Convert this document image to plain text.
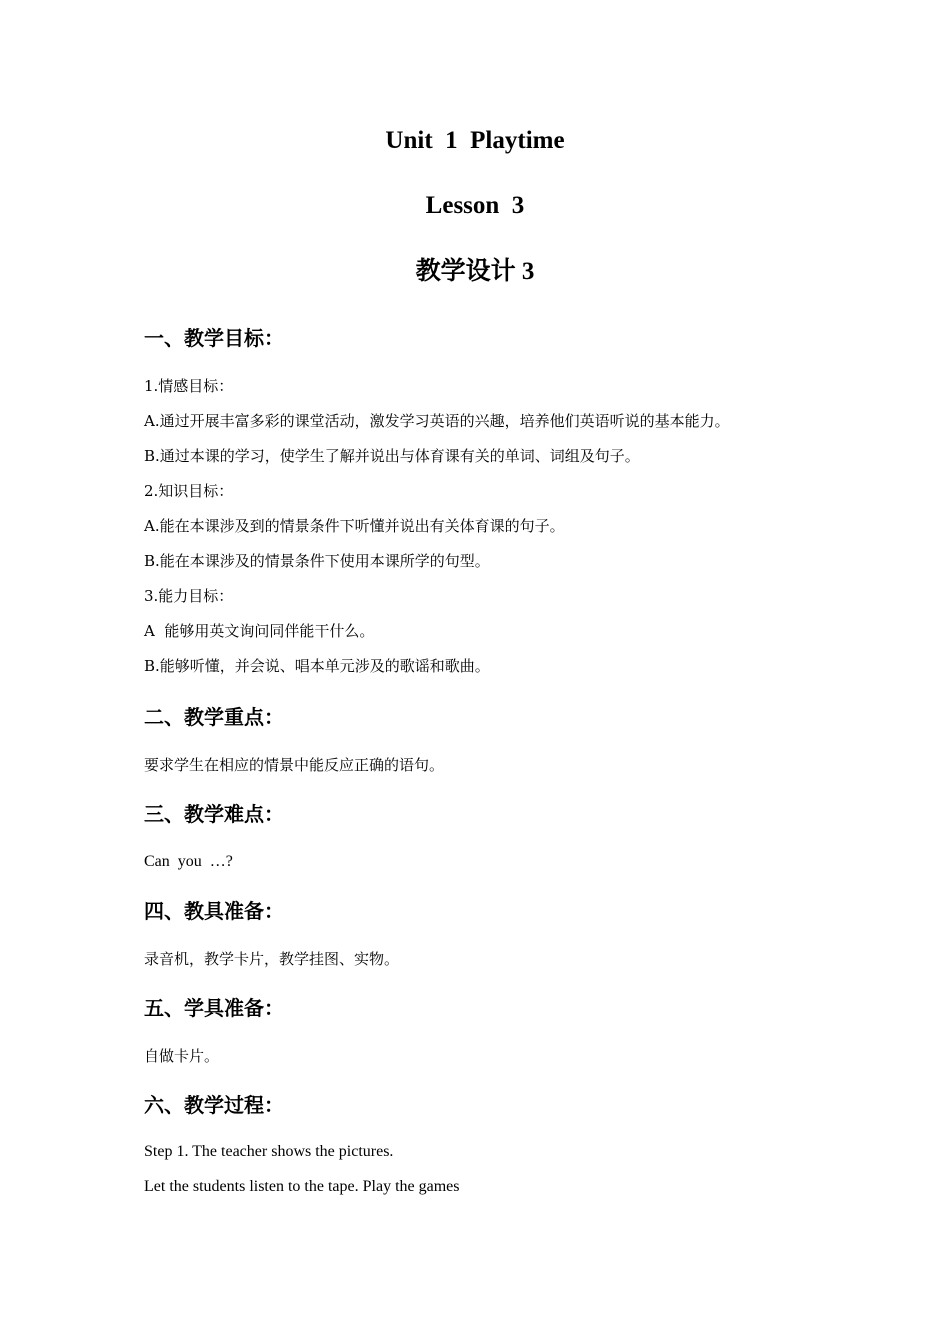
Unit  1  Playtime
Lesson  3
教学设计 3
一、教学目标：

1.情感目标：

A.通过开展丰富多彩的课堂活动，激发学习英语的兴趣，培养他们英语听说的基本能力。

B.通过本课的学习，使学生了解并说出与体育课有关的单词、词组及句子。

2.知识目标：

A.能在本课涉及到的情景条件下听懂并说出有关体育课的句子。

B.能在本课涉及的情景条件下使用本课所学的句型。

3.能力目标：

A  能够用英文询问同伴能干什么。

B.能够听懂，并会说、唱本单元涉及的歌谣和歌曲。

二、教学重点：

要求学生在相应的情景中能反应正确的语句。

三、教学难点：

Can  you  …?

四、教具准备：

录音机，教学卡片，教学挂图、实物。

五、学具准备：

自做卡片。

六、教学过程：

Step 1. The teacher shows the pictures.

Let the students listen to the tape. Play the games
